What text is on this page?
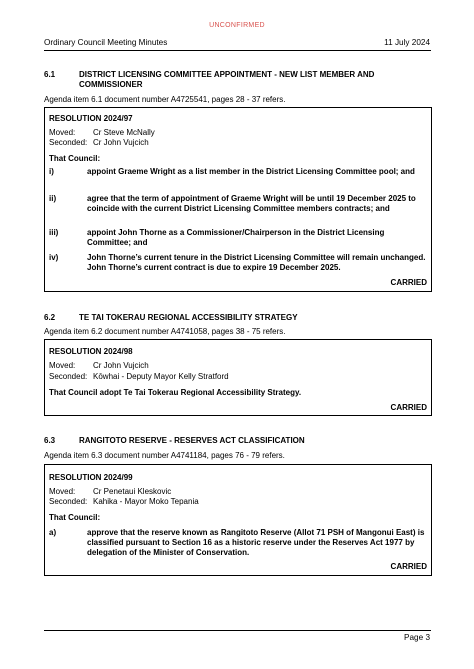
UNCONFIRMED
Ordinary Council Meeting Minutes	11 July 2024
6.1	DISTRICT LICENSING COMMITTEE APPOINTMENT - NEW LIST MEMBER AND COMMISSIONER
Agenda item 6.1 document number A4725541, pages 28 - 37 refers.
RESOLUTION 2024/97
Moved: Cr Steve McNally
Seconded: Cr John Vujcich
That Council:
i)	appoint Graeme Wright as a list member in the District Licensing Committee pool; and
ii)	agree that the term of appointment of Graeme Wright will be until 19 December 2025 to coincide with the current District Licensing Committee members contracts; and
iii)	appoint John Thorne as a Commissioner/Chairperson in the District Licensing Committee; and
iv)	John Thorne’s current tenure in the District Licensing Committee will remain unchanged. John Thorne’s current contract is due to expire 19 December 2025.
CARRIED
6.2	TE TAI TOKERAU REGIONAL ACCESSIBILITY STRATEGY
Agenda item 6.2 document number A4741058, pages 38 - 75 refers.
RESOLUTION 2024/98
Moved: Cr John Vujcich
Seconded: Kōwhai - Deputy Mayor Kelly Stratford
That Council adopt Te Tai Tokerau Regional Accessibility Strategy.
CARRIED
6.3	RANGITOTO RESERVE - RESERVES ACT CLASSIFICATION
Agenda item 6.3 document number A4741184, pages 76 - 79 refers.
RESOLUTION 2024/99
Moved: Cr Penetaui Kleskovic
Seconded: Kahika - Mayor Moko Tepania
That Council:
a)	approve that the reserve known as Rangitoto Reserve (Allot 71 PSH of Mangonui East) is classified pursuant to Section 16 as a historic reserve under the Reserves Act 1977 by delegation of the Minister of Conservation.
CARRIED
Page 3
